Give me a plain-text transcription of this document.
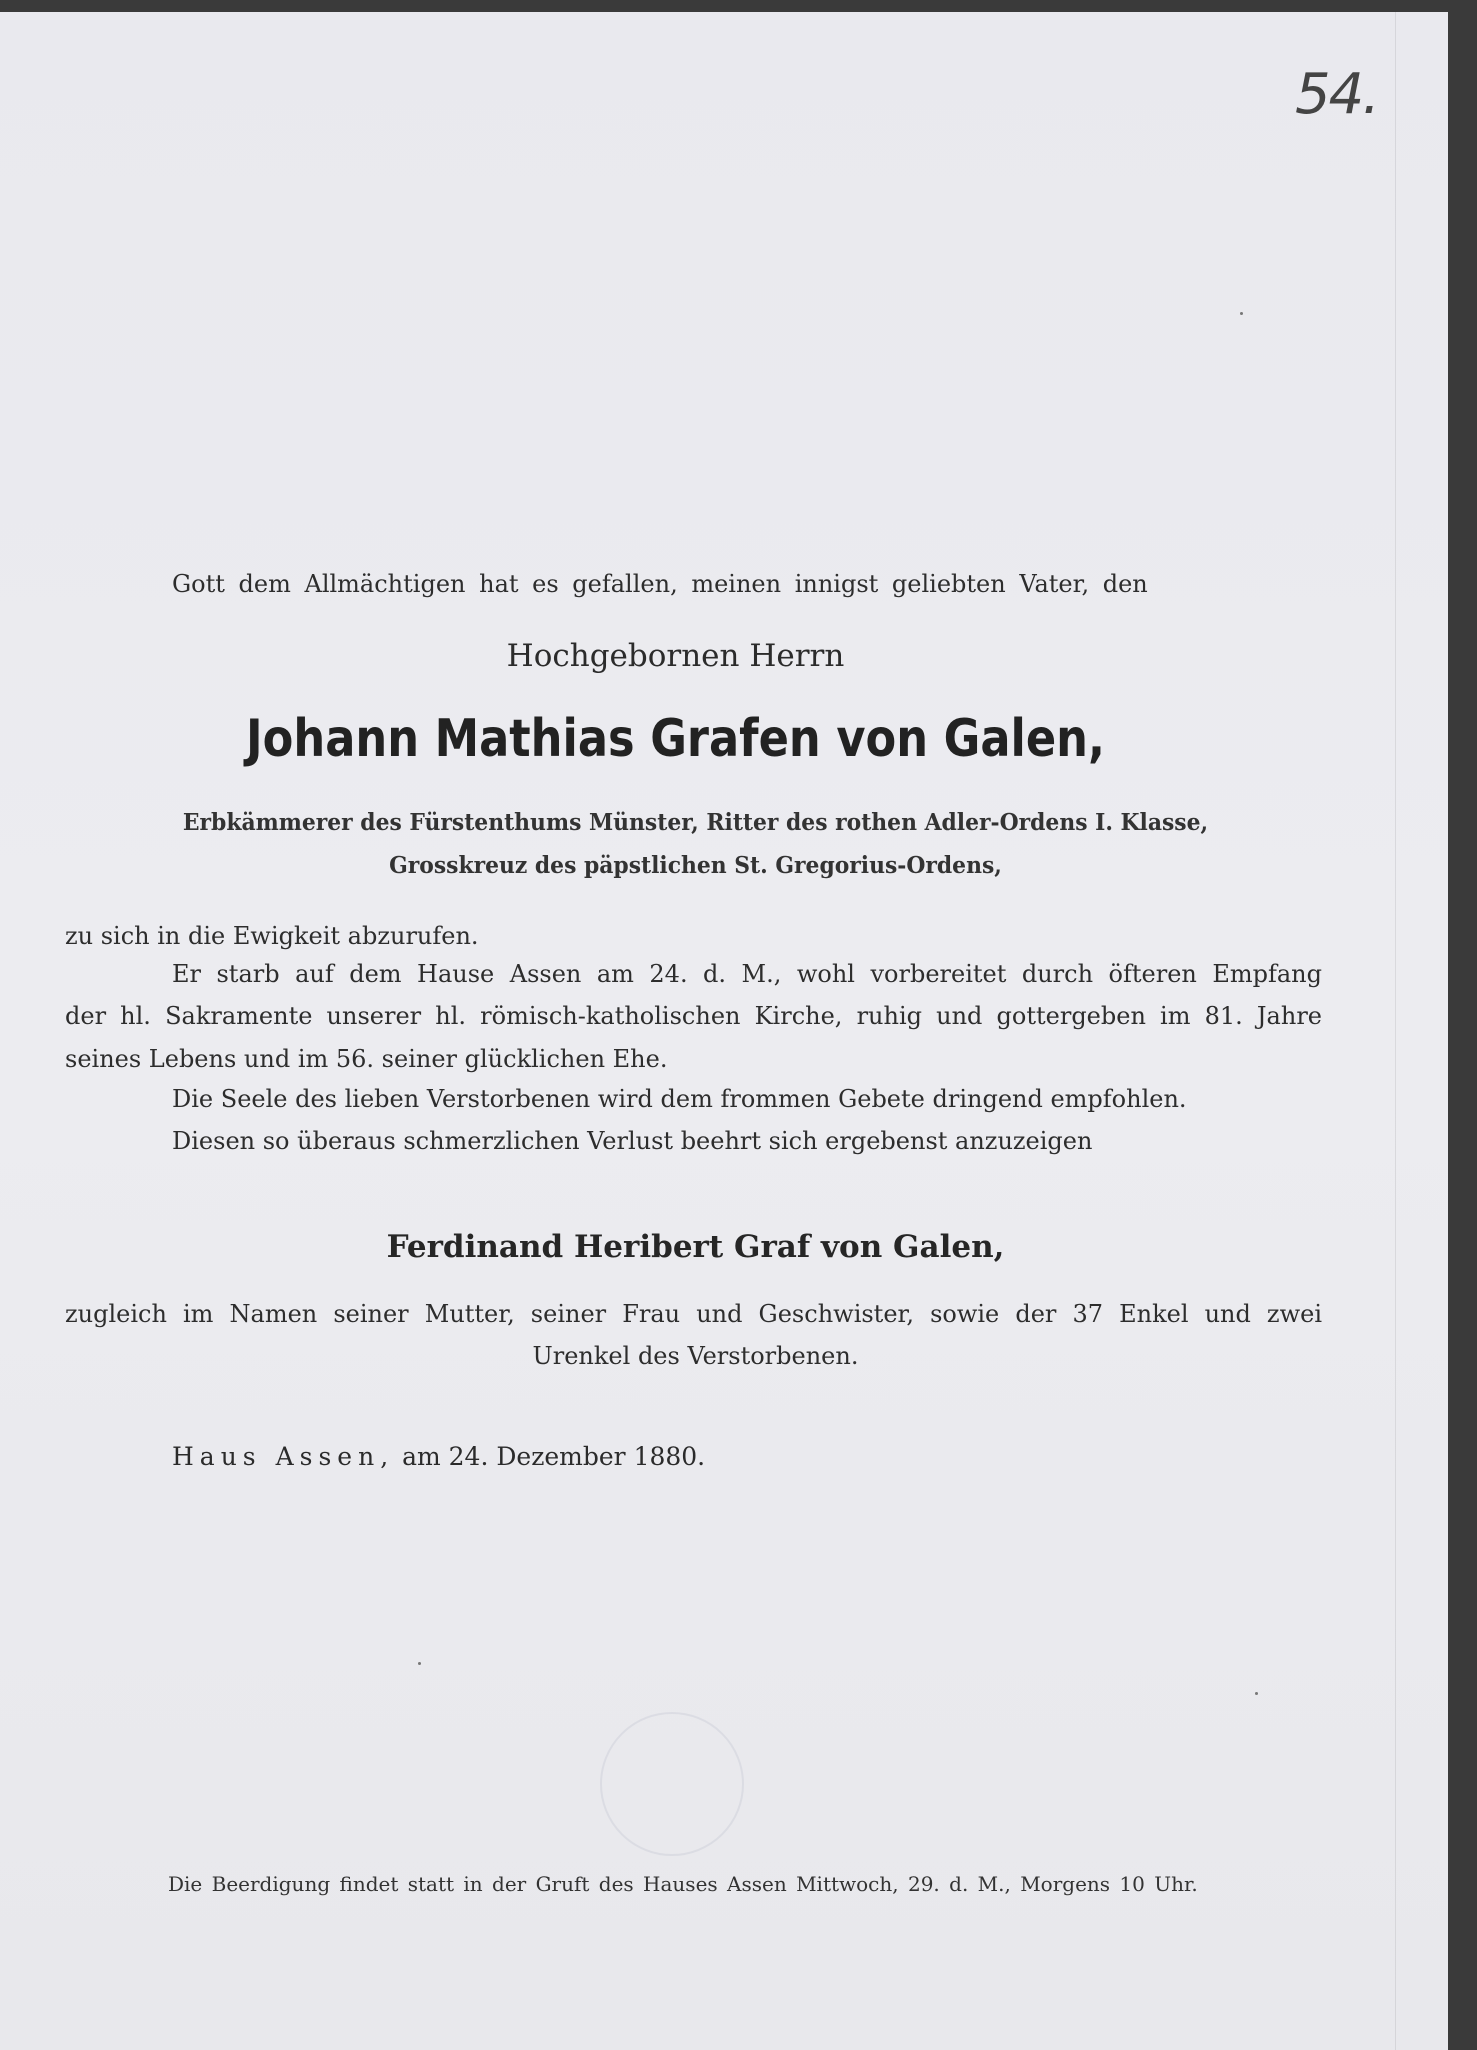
54.
Gott dem Allmächtigen hat es gefallen, meinen innigst geliebten Vater, den
Hochgebornen Herrn
Johann Mathias Grafen von Galen,
Erbkämmerer des Fürstenthums Münster, Ritter des rothen Adler-Ordens I. Klasse,
Grosskreuz des päpstlichen St. Gregorius-Ordens,
zu sich in die Ewigkeit abzurufen.
Er starb auf dem Hause Assen am 24. d. M., wohl vorbereitet durch öfteren Empfang
der hl. Sakramente unserer hl. römisch-katholischen Kirche, ruhig und gottergeben im 81. Jahre
seines Lebens und im 56. seiner glücklichen Ehe.
Die Seele des lieben Verstorbenen wird dem frommen Gebete dringend empfohlen.
Diesen so überaus schmerzlichen Verlust beehrt sich ergebenst anzuzeigen
Ferdinand Heribert Graf von Galen,
zugleich im Namen seiner Mutter, seiner Frau und Geschwister, sowie der 37 Enkel und zwei
Urenkel des Verstorbenen.
Haus Assen, am 24. Dezember 1880.
Die Beerdigung findet statt in der Gruft des Hauses Assen Mittwoch, 29. d. M., Morgens 10 Uhr.
